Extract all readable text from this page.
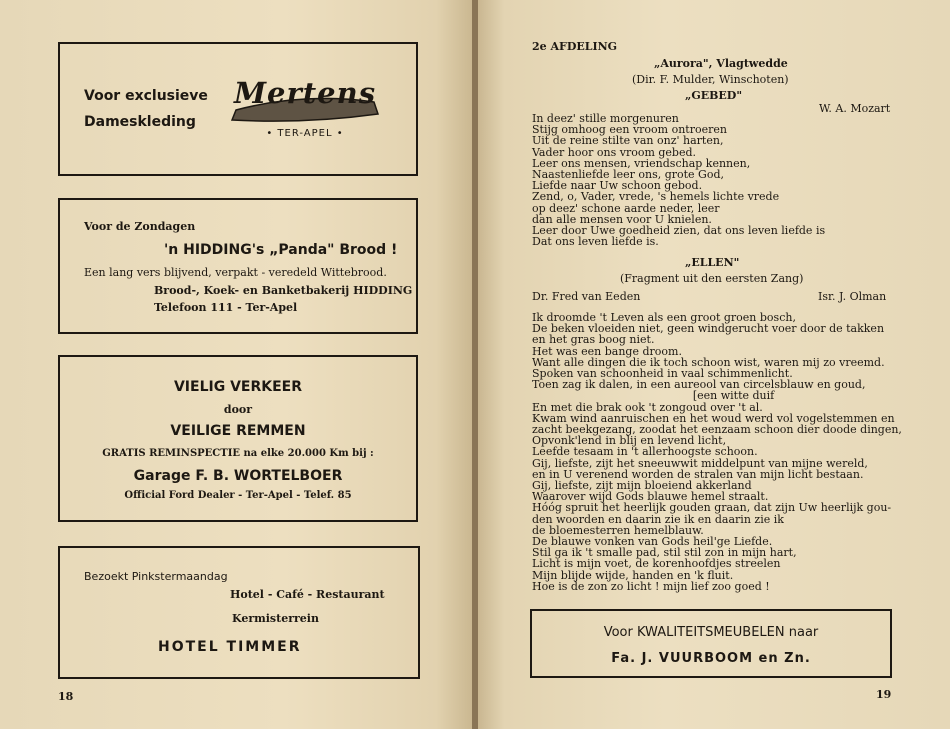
Voor exclusieve
Dameskleding
Mertens
• TER-APEL •
Voor de Zondagen
'n HIDDING's „Panda" Brood !
Een lang vers blijvend, verpakt - veredeld Wittebrood.
Brood-, Koek- en Banketbakerij HIDDING
Telefoon 111 - Ter-Apel
VIELIG VERKEER
door
VEILIGE REMMEN
GRATIS REMINSPECTIE na elke 20.000 Km bij :
Garage F. B. WORTELBOER
Official Ford Dealer - Ter-Apel - Telef. 85
Bezoekt Pinkstermaandag
Hotel - Café - Restaurant
Kermisterrein
HOTEL TIMMER
18
2e AFDELING
„Aurora", Vlagtwedde
(Dir. F. Mulder, Winschoten)
„GEBED"
W. A. Mozart
In deez' stille morgenuren
Stijg omhoog een vroom ontroeren
Uit de reine stilte van onz' harten,
Vader hoor ons vroom gebed.
Leer ons mensen, vriendschap kennen,
Naastenliefde leer ons, grote God,
Liefde naar Uw schoon gebod.
Zend, o, Vader, vrede, 's hemels lichte vrede
op deez' schone aarde neder, leer
dan alle mensen voor U knielen.
Leer door Uwe goedheid zien, dat ons leven liefde is
Dat ons leven liefde is.
„ELLEN"
(Fragment uit den eersten Zang)
Dr. Fred van Eeden	Isr. J. Olman
Ik droomde 't Leven als een groot groen bosch,
De beken vloeiden niet, geen windgerucht voer door de takken
en het gras boog niet.
Het was een bange droom.
Want alle dingen die ik toch schoon wist, waren mij zo vreemd.
Spoken van schoonheid in vaal schimmenlicht.
Toen zag ik dalen, in een aureool van circelsblauw en goud,
[een witte duif
En met die brak ook 't zongoud over 't al.
Kwam wind aanruischen en het woud werd vol vogelstemmen en
zacht beekgezang, zoodat het eenzaam schoon dier doode dingen,
Opvonk'lend in blij en levend licht,
Leefde tesaam in 't allerhoogste schoon.
Gij, liefste, zijt het sneeuwwit middelpunt van mijne wereld,
en in U verenend worden de stralen van mijn licht bestaan.
Gij, liefste, zijt mijn bloeiend akkerland
Waarover wijd Gods blauwe hemel straalt.
Hóóg spruit het heerlijk gouden graan, dat zijn Uw heerlijk gou-
den woorden en daarin zie ik en daarin zie ik
de bloemesterren hemelblauw.
De blauwe vonken van Gods heil'ge Liefde.
Stil ga ik 't smalle pad, stil stil zon in mijn hart,
Licht is mijn voet, de korenhoofdjes streelen
Mijn blijde wijde, handen en 'k fluit.
Hoe is de zon zo licht ! mijn lief zoo goed !
Voor KWALITEITSMEUBELEN naar
Fa. J. VUURBOOM en Zn.
19
